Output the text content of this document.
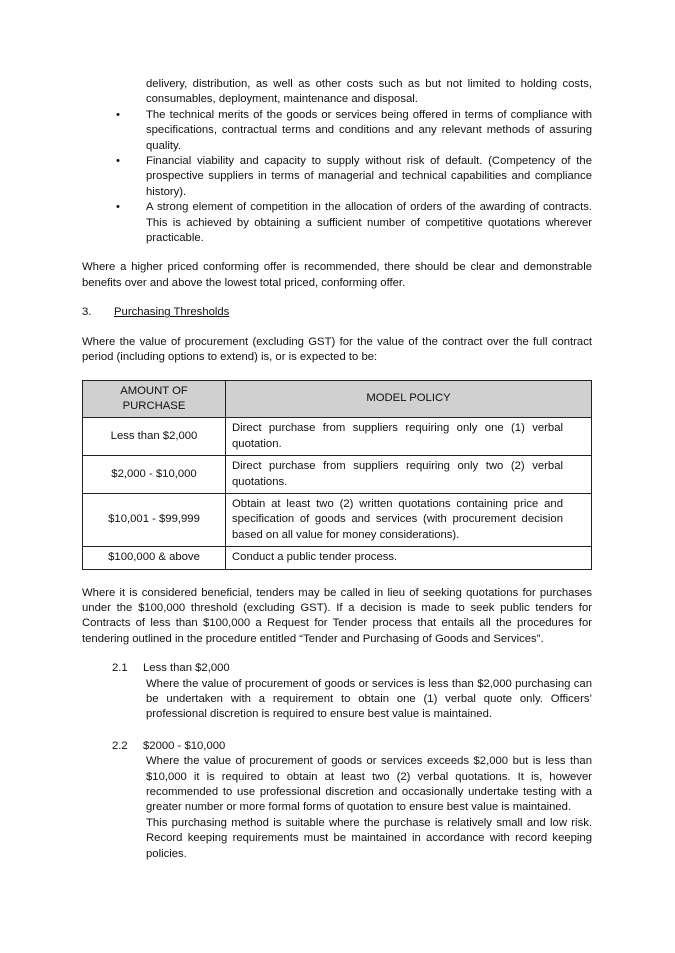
delivery, distribution, as well as other costs such as but not limited to holding costs, consumables, deployment, maintenance and disposal.

• The technical merits of the goods or services being offered in terms of compliance with specifications, contractual terms and conditions and any relevant methods of assuring quality.
• Financial viability and capacity to supply without risk of default. (Competency of the prospective suppliers in terms of managerial and technical capabilities and compliance history).
• A strong element of competition in the allocation of orders of the awarding of contracts. This is achieved by obtaining a sufficient number of competitive quotations wherever practicable.

Where a higher priced conforming offer is recommended, there should be clear and demonstrable benefits over and above the lowest total priced, conforming offer.

3.	Purchasing Thresholds

Where the value of procurement (excluding GST) for the value of the contract over the full contract period (including options to extend) is, or is expected to be:

AMOUNT OF PURCHASE	MODEL POLICY
Less than $2,000	Direct purchase from suppliers requiring only one (1) verbal quotation.
$2,000 - $10,000	Direct purchase from suppliers requiring only two (2) verbal quotations.
$10,001 - $99,999	Obtain at least two (2) written quotations containing price and specification of goods and services (with procurement decision based on all value for money considerations).
$100,000 & above	Conduct a public tender process.

Where it is considered beneficial, tenders may be called in lieu of seeking quotations for purchases under the $100,000 threshold (excluding GST). If a decision is made to seek public tenders for Contracts of less than $100,000 a Request for Tender process that entails all the procedures for tendering outlined in the procedure entitled “Tender and Purchasing of Goods and Services”.

2.1	Less than $2,000

Where the value of procurement of goods or services is less than $2,000 purchasing can be undertaken with a requirement to obtain one (1) verbal quote only. Officers’ professional discretion is required to ensure best value is maintained.

2.2	$2000 - $10,000

Where the value of procurement of goods or services exceeds $2,000 but is less than $10,000 it is required to obtain at least two (2) verbal quotations. It is, however recommended to use professional discretion and occasionally undertake testing with a greater number or more formal forms of quotation to ensure best value is maintained.

This purchasing method is suitable where the purchase is relatively small and low risk. Record keeping requirements must be maintained in accordance with record keeping policies.
